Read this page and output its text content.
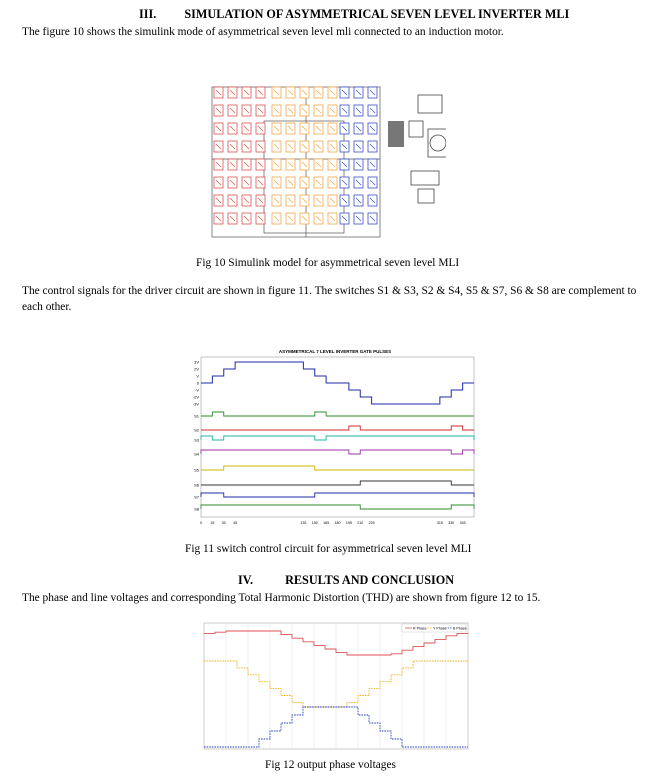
III. SIMULATION OF ASYMMETRICAL SEVEN LEVEL INVERTER MLI
The figure 10 shows the simulink mode of asymmetrical seven level mli connected to an induction motor.
Fig 10 Simulink model for asymmetrical seven level MLI
The control signals for the driver circuit are shown in figure 11. The switches S1 & S3, S2 & S4, S5 & S7, S6 & S8 are complement to each other.
ASYMMETRICAL 7 LEVEL INVERTER GATE PULSES
3V
2V
V
0
-V
-2V
-3V
S1
S2
S3
S4
S5
S6
S7
S8
0 15 30 45	135 150 165 180 195 210 225	315 330 345
Fig 11 switch control circuit for asymmetrical seven level MLI
IV.	RESULTS AND CONCLUSION
The phase and line voltages and corresponding Total Harmonic Distortion (THD) are shown from figure 12 to 15.
R Phase Y Phase B Phase
Fig 12 output phase voltages
